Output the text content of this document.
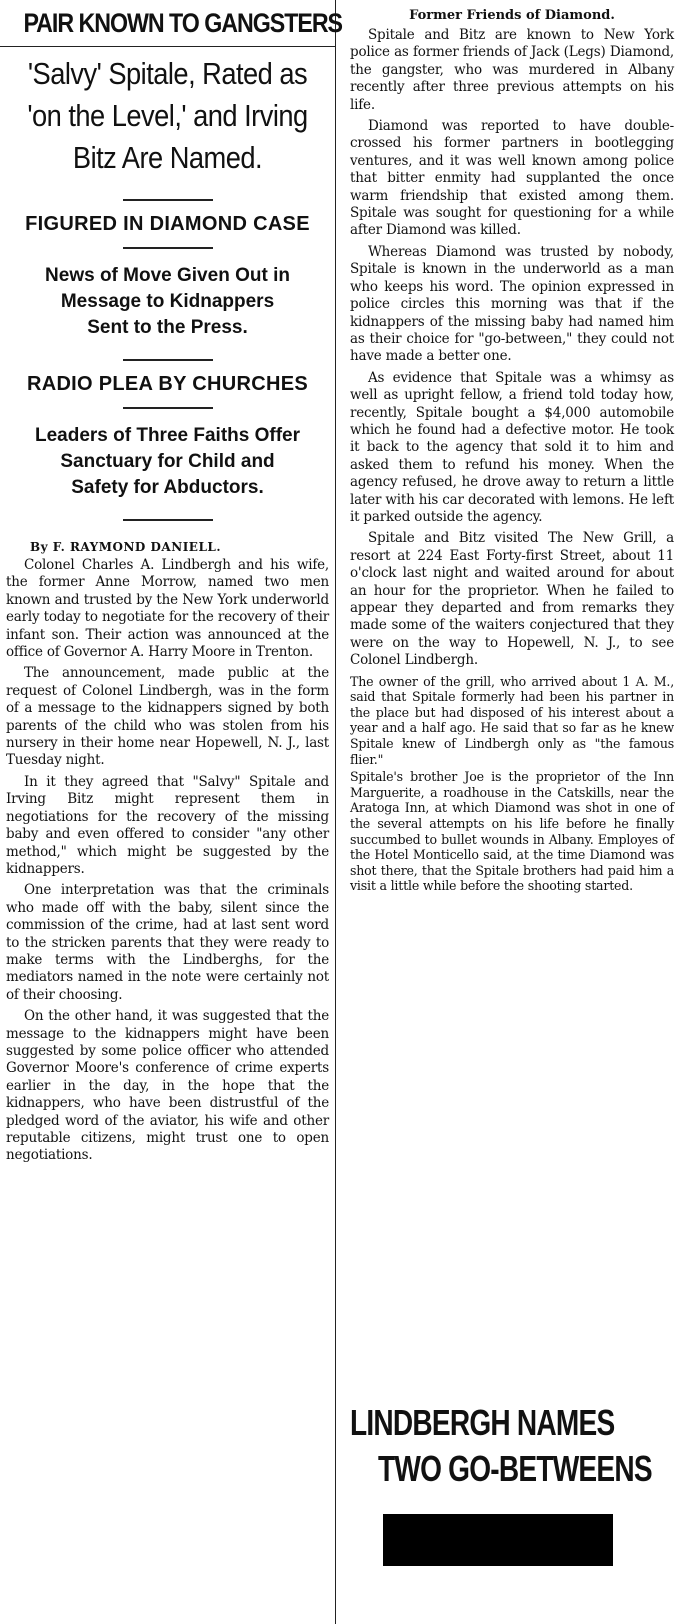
PAIR KNOWN TO GANGSTERS
'Salvy' Spitale, Rated as
'on the Level,' and Irving
Bitz Are Named.
FIGURED IN DIAMOND CASE
News of Move Given Out in
Message to Kidnappers
Sent to the Press.
RADIO PLEA BY CHURCHES
Leaders of Three Faiths Offer
Sanctuary for Child and
Safety for Abductors.
By F. RAYMOND DANIELL.

Colonel Charles A. Lindbergh and his wife, the former Anne Morrow, named two men known and trusted by the New York underworld early today to negotiate for the recovery of their infant son. Their action was announced at the office of Governor A. Harry Moore in Trenton.

The announcement, made public at the request of Colonel Lindbergh, was in the form of a message to the kidnappers signed by both parents of the child who was stolen from his nursery in their home near Hopewell, N. J., last Tuesday night.

In it they agreed that "Salvy" Spitale and Irving Bitz might represent them in negotiations for the recovery of the missing baby and even offered to consider "any other method," which might be suggested by the kidnappers.

One interpretation was that the criminals who made off with the baby, silent since the commission of the crime, had at last sent word to the stricken parents that they were ready to make terms with the Lindberghs, for the mediators named in the note were certainly not of their choosing.

On the other hand, it was suggested that the message to the kidnappers might have been suggested by some police officer who attended Governor Moore's conference of crime experts earlier in the day, in the hope that the kidnappers, who have been distrustful of the pledged word of the aviator, his wife and other reputable citizens, might trust one to open negotiations.

Former Friends of Diamond.

Spitale and Bitz are known to New York police as former friends of Jack (Legs) Diamond, the gangster, who was murdered in Albany recently after three previous attempts on his life.

Diamond was reported to have double-crossed his former partners in bootlegging ventures, and it was well known among police that bitter enmity had supplanted the once warm friendship that existed among them. Spitale was sought for questioning for a while after Diamond was killed.

Whereas Diamond was trusted by nobody, Spitale is known in the underworld as a man who keeps his word. The opinion expressed in police circles this morning was that if the kidnappers of the missing baby had named him as their choice for "go-between," they could not have made a better one.

As evidence that Spitale was a whimsy as well as upright fellow, a friend told today how, recently, Spitale bought a $4,000 automobile which he found had a defective motor. He took it back to the agency that sold it to him and asked them to refund his money. When the agency refused, he drove away to return a little later with his car decorated with lemons. He left it parked outside the agency.

Spitale and Bitz visited The New Grill, a resort at 224 East Forty-first Street, about 11 o'clock last night and waited around for about an hour for the proprietor. When he failed to appear they departed and from remarks they made some of the waiters conjectured that they were on the way to Hopewell, N. J., to see Colonel Lindbergh.

The owner of the grill, who arrived about 1 A. M., said that Spitale formerly had been his partner in the place but had disposed of his interest about a year and a half ago. He said that so far as he knew Spitale knew of Lindbergh only as "the famous flier."

Spitale's brother Joe is the proprietor of the Inn Marguerite, a roadhouse in the Catskills, near the Aratoga Inn, at which Diamond was shot in one of the several attempts on his life before he finally succumbed to bullet wounds in Albany. Employes of the Hotel Monticello said, at the time Diamond was shot there, that the Spitale brothers had paid him a visit a little while before the shooting started.

LINDBERGH NAMES
TWO GO-BETWEENS
